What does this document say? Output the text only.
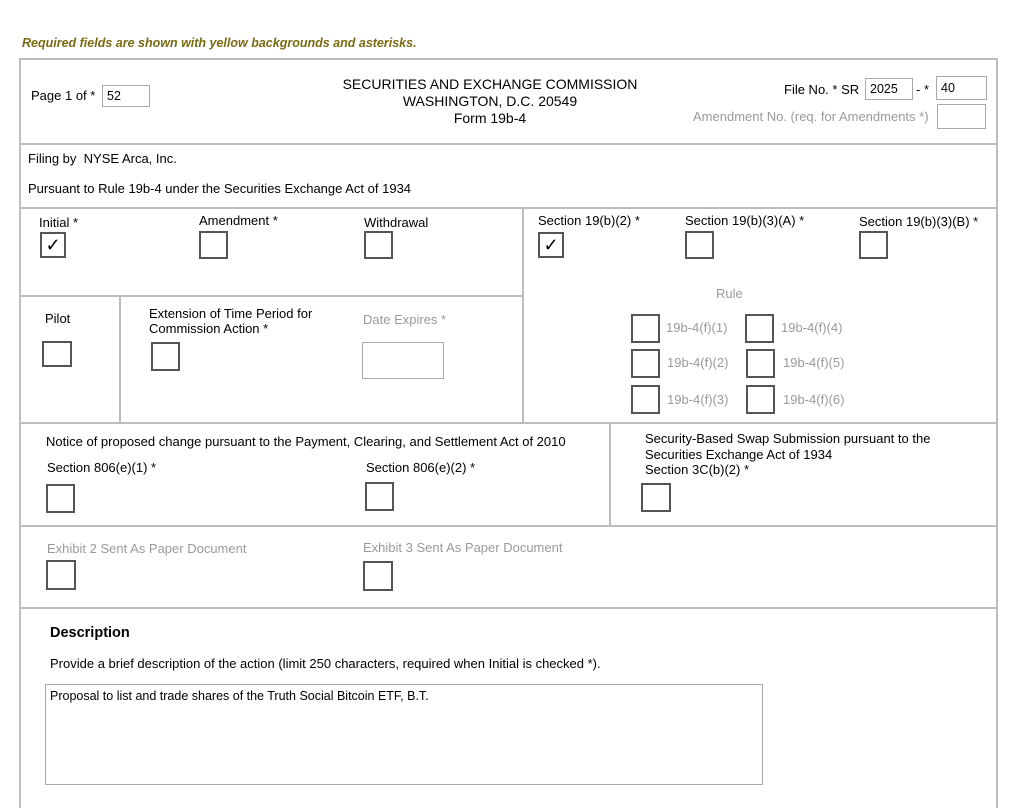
Required fields are shown with yellow backgrounds and asterisks.
Page 1 of *
52
SECURITIES AND EXCHANGE COMMISSION
WASHINGTON, D.C. 20549
Form 19b-4
File No. * SR
2025	- *
40
Amendment No. (req. for Amendments *)
Filing by NYSE Arca, Inc.
Pursuant to Rule 19b-4 under the Securities Exchange Act of 1934
Initial *
✓
Amendment *	Withdrawal	Section 19(b)(2) *
✓
Section 19(b)(3)(A) *	Section 19(b)(3)(B) *
Pilot	Extension of Time Period for
Commission Action *
Date Expires *
Rule
19b-4(f)(1)
19b-4(f)(2)
19b-4(f)(3)
19b-4(f)(4)
19b-4(f)(5)
19b-4(f)(6)
Notice of proposed change pursuant to the Payment, Clearing, and Settlement Act of 2010
Section 806(e)(1) *	Section 806(e)(2) *
Security-Based Swap Submission pursuant to the
Securities Exchange Act of 1934
Section 3C(b)(2) *
Exhibit 2 Sent As Paper Document	Exhibit 3 Sent As Paper Document
Description
Provide a brief description of the action (limit 250 characters, required when Initial is checked *).
Proposal to list and trade shares of the Truth Social Bitcoin ETF, B.T.
